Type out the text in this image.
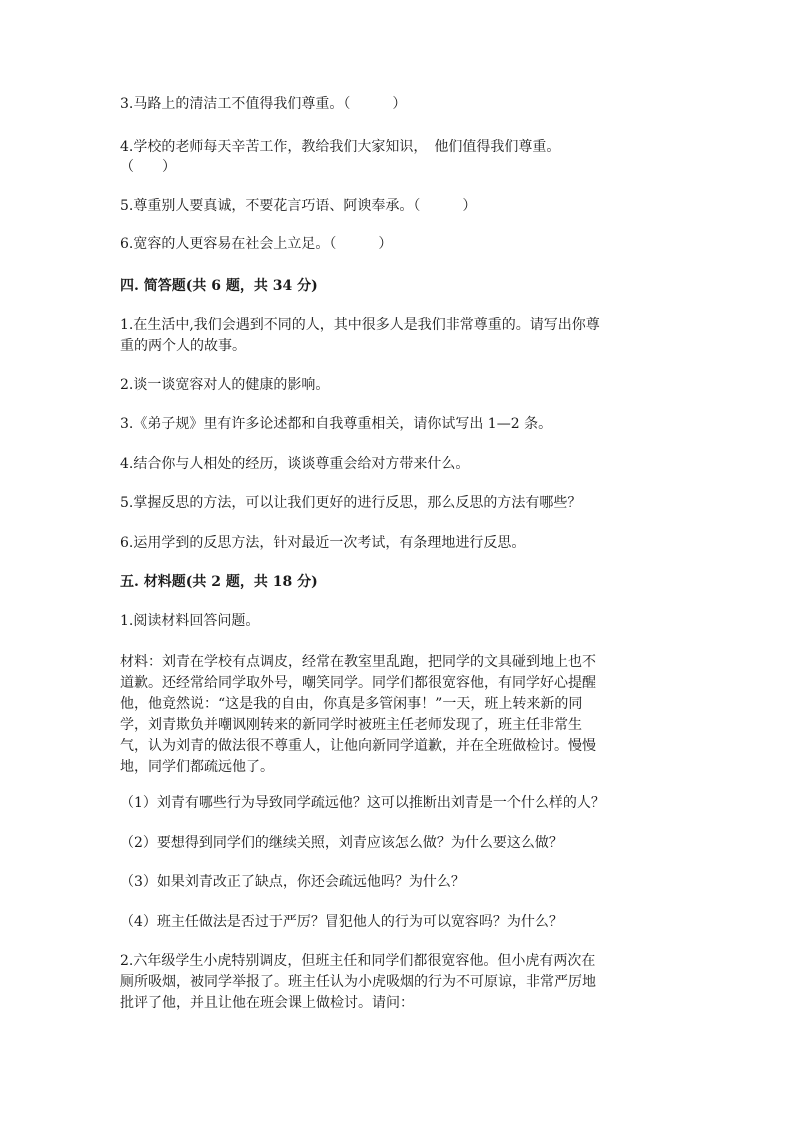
3.马路上的清洁工不值得我们尊重。（　　　）
4.学校的老师每天辛苦工作，教给我们大家知识，　他们值得我们尊重。
（　　）
5.尊重别人要真诚，不要花言巧语、阿谀奉承。（　　　）
6.宽容的人更容易在社会上立足。（　　　）
四. 简答题(共 6 题，共 34 分)
1.在生活中,我们会遇到不同的人，其中很多人是我们非常尊重的。请写出你尊
重的两个人的故事。
2.谈一谈宽容对人的健康的影响。
3.《弟子规》里有许多论述都和自我尊重相关，请你试写出 1—2 条。
4.结合你与人相处的经历，谈谈尊重会给对方带来什么。
5.掌握反思的方法，可以让我们更好的进行反思，那么反思的方法有哪些？
6.运用学到的反思方法，针对最近一次考试，有条理地进行反思。
五. 材料题(共 2 题，共 18 分)
1.阅读材料回答问题。
材料：刘青在学校有点调皮，经常在教室里乱跑，把同学的文具碰到地上也不
道歉。还经常给同学取外号，嘲笑同学。同学们都很宽容他，有同学好心提醒
他，他竟然说：“这是我的自由，你真是多管闲事！”一天，班上转来新的同
学，刘青欺负并嘲讽刚转来的新同学时被班主任老师发现了，班主任非常生
气，认为刘青的做法很不尊重人，让他向新同学道歉，并在全班做检讨。慢慢
地，同学们都疏远他了。
（1）刘青有哪些行为导致同学疏远他？这可以推断出刘青是一个什么样的人？
（2）要想得到同学们的继续关照，刘青应该怎么做？为什么要这么做？
（3）如果刘青改正了缺点，你还会疏远他吗？为什么？
（4）班主任做法是否过于严厉？冒犯他人的行为可以宽容吗？为什么？
2.六年级学生小虎特别调皮，但班主任和同学们都很宽容他。但小虎有两次在
厕所吸烟，被同学举报了。班主任认为小虎吸烟的行为不可原谅，非常严厉地
批评了他，并且让他在班会课上做检讨。请问：
